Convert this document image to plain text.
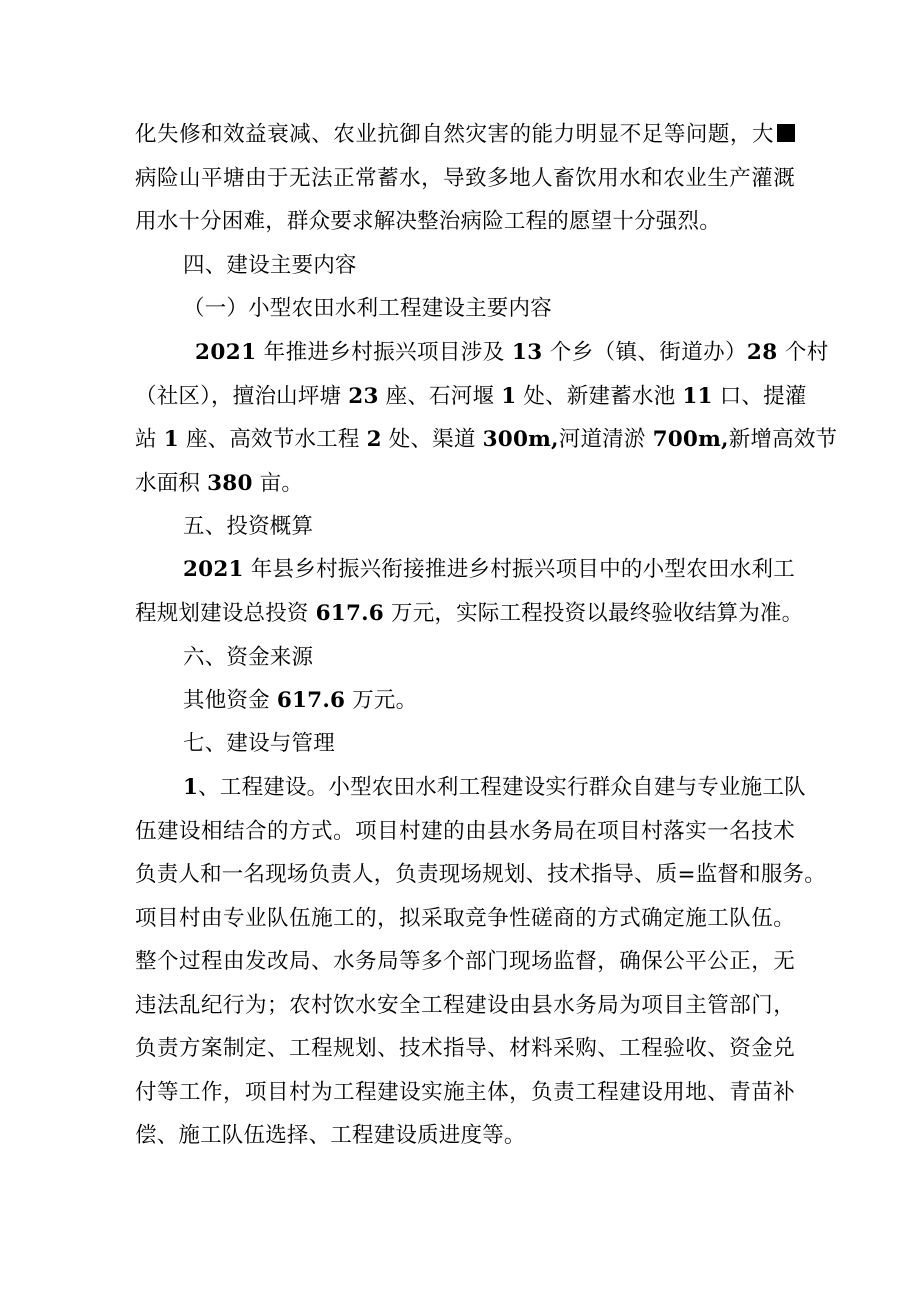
化失修和效益衰减、农业抗御自然灾害的能力明显不足等问题，大
病险山平塘由于无法正常蓄水，导致多地人畜饮用水和农业生产灌溉
用水十分困难，群众要求解决整治病险工程的愿望十分强烈。

四、建设主要内容

（一）小型农田水利工程建设主要内容

2021 年推进乡村振兴项目涉及 13 个乡（镇、街道办）28 个村
（社区），擅治山坪塘 23 座、石河堰 1 处、新建蓄水池 11 口、提灌
站 1 座、高效节水工程 2 处、渠道 300m,河道清淤 700m,新增高效节
水面积 380 亩。

五、投资概算

2021 年县乡村振兴衔接推进乡村振兴项目中的小型农田水利工
程规划建设总投资 617.6 万元，实际工程投资以最终验收结算为准。

六、资金来源

其他资金 617.6 万元。

七、建设与管理

1、工程建设。小型农田水利工程建设实行群众自建与专业施工队
伍建设相结合的方式。项目村建的由县水务局在项目村落实一名技术
负责人和一名现场负责人，负责现场规划、技术指导、质=监督和服务。
项目村由专业队伍施工的，拟采取竞争性磋商的方式确定施工队伍。
整个过程由发改局、水务局等多个部门现场监督，确保公平公正，无
违法乱纪行为；农村饮水安全工程建设由县水务局为项目主管部门，
负责方案制定、工程规划、技术指导、材料采购、工程验收、资金兑
付等工作，项目村为工程建设实施主体，负责工程建设用地、青苗补
偿、施工队伍选择、工程建设质进度等。
